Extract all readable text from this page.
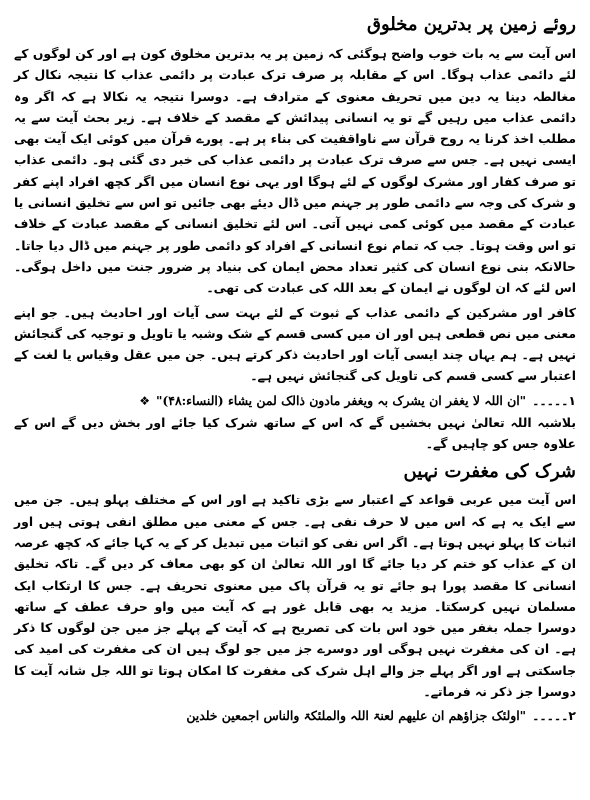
روئے زمین پر بدترین مخلوق

اس آیت سے یہ بات خوب واضح ہوگئی کہ زمین پر یہ بدترین مخلوق کون ہے اور کن لوگوں کے لئے دائمی عذاب ہوگا۔ اس کے مقابلہ پر صرف ترک عبادت پر دائمی عذاب کا نتیجہ نکال کر مغالطہ دینا یہ دین میں تحریف معنوی کے مترادف ہے۔ دوسرا نتیجہ یہ نکالا ہے کہ اگر وہ دائمی عذاب میں رہیں گے تو یہ انسانی پیدائش کے مقصد کے خلاف ہے۔ زیر بحث آیت سے یہ مطلب اخذ کرنا یہ روح قرآن سے ناواقفیت کی بناء پر ہے۔ پورے قرآن میں کوئی ایک آیت بھی ایسی نہیں ہے۔ جس سے صرف ترک عبادت پر دائمی عذاب کی خبر دی گئی ہو۔ دائمی عذاب تو صرف کفار اور مشرک لوگوں کے لئے ہوگا اور یہی نوع انسان میں اگر کچھ افراد اپنے کفر و شرک کی وجہ سے دائمی طور پر جہنم میں ڈال دیئے بھی جائیں تو اس سے تخلیق انسانی یا عبادت کے مقصد میں کوئی کمی نہیں آتی۔ اس لئے تخلیق انسانی کے مقصد عبادت کے خلاف تو اس وقت ہوتا۔ جب کہ تمام نوع انسانی کے افراد کو دائمی طور پر جہنم میں ڈال دیا جاتا۔ حالانکہ بنی نوع انسان کی کثیر تعداد محض ایمان کی بنیاد پر ضرور جنت میں داخل ہوگی۔ اس لئے کہ ان لوگوں نے ایمان کے بعد اللہ کی عبادت کی تھی۔

کافر اور مشرکین کے دائمی عذاب کے ثبوت کے لئے بہت سی آیات اور احادیث ہیں۔ جو اپنے معنی میں نص قطعی ہیں اور ان میں کسی قسم کے شک وشبہ یا تاویل و توجیہ کی گنجائش نہیں ہے۔ ہم یہاں چند ایسی آیات اور احادیث ذکر کرتے ہیں۔ جن میں عقل وقیاس یا لغت کے اعتبار سے کسی قسم کی تاویل کی گنجائش نہیں ہے۔

۱۔۔۔۔۔
"ان اللہ لا یغفر ان یشرک بہ ویغفر مادون ذالک لمن یشاء (النساء:۴۸)"
❖

بلاشبہ اللہ تعالیٰ نہیں بخشیں گے کہ اس کے ساتھ شرک کیا جائے اور بخش دیں گے اس کے علاوہ جس کو چاہیں گے۔

شرک کی مغفرت نہیں

اس آیت میں عربی قواعد کے اعتبار سے بڑی تاکید ہے اور اس کے مختلف پہلو ہیں۔ جن میں سے ایک یہ ہے کہ اس میں لا حرف نفی ہے۔ جس کے معنی میں مطلق انفی ہوتی ہیں اور اثبات کا پہلو نہیں ہوتا ہے۔ اگر اس نفی کو اثبات میں تبدیل کر کے یہ کہا جائے کہ کچھ عرصہ ان کے عذاب کو ختم کر دیا جائے گا اور اللہ تعالیٰ ان کو بھی معاف کر دیں گے۔ تاکہ تخلیق انسانی کا مقصد پورا ہو جائے تو یہ قرآن پاک میں معنوی تحریف ہے۔ جس کا ارتکاب ایک مسلمان نہیں کرسکتا۔ مزید یہ بھی قابل غور ہے کہ آیت میں واو حرف عطف کے ساتھ دوسرا جملہ بغفر میں خود اس بات کی تصریح ہے کہ آیت کے پہلے جز میں جن لوگوں کا ذکر ہے۔ ان کی مغفرت نہیں ہوگی اور دوسرے جز میں جو لوگ ہیں ان کی مغفرت کی امید کی جاسکتی ہے اور اگر پہلے جز والے اہل شرک کی مغفرت کا امکان ہوتا تو اللہ جل شانہ آیت کا دوسرا جز ذکر نہ فرماتے۔

۲۔۔۔۔۔
"اولئک جزاؤھم ان علیھم لعنۃ اللہ والملئکۃ والناس اجمعین خلدین
